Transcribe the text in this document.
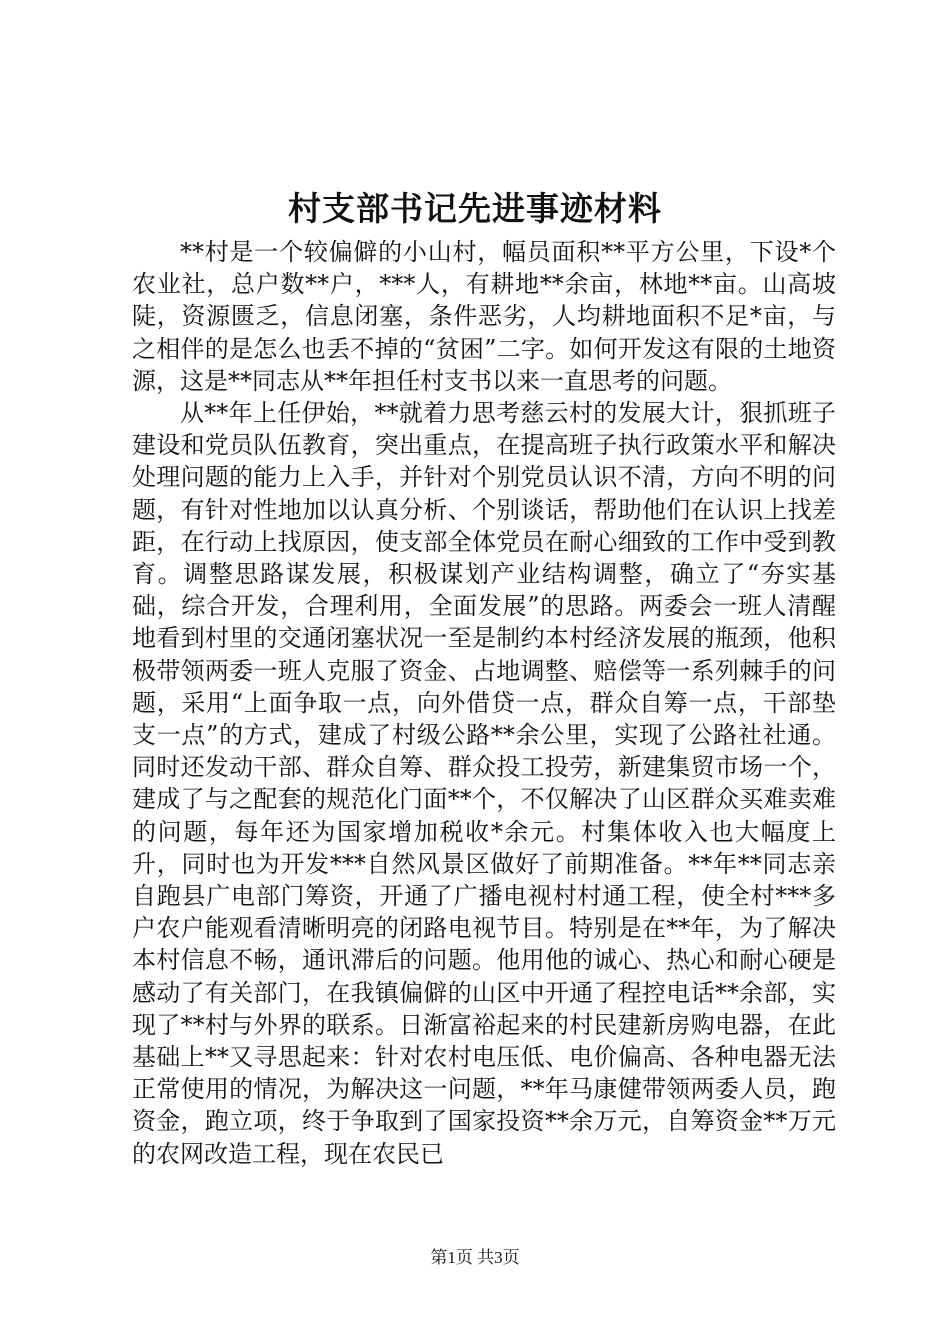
村支部书记先进事迹材料

**村是一个较偏僻的小山村，幅员面积**平方公里，下设*个农业社，总户数**户，***人，有耕地**余亩，林地**亩。山高坡陡，资源匮乏，信息闭塞，条件恶劣，人均耕地面积不足*亩，与之相伴的是怎么也丢不掉的“贫困”二字。如何开发这有限的土地资源，这是**同志从**年担任村支书以来一直思考的问题。

从**年上任伊始，**就着力思考慈云村的发展大计，狠抓班子建设和党员队伍教育，突出重点，在提高班子执行政策水平和解决处理问题的能力上入手，并针对个别党员认识不清，方向不明的问题，有针对性地加以认真分析、个别谈话，帮助他们在认识上找差距，在行动上找原因，使支部全体党员在耐心细致的工作中受到教育。调整思路谋发展，积极谋划产业结构调整，确立了“夯实基础，综合开发，合理利用，全面发展”的思路。两委会一班人清醒地看到村里的交通闭塞状况一至是制约本村经济发展的瓶颈，他积极带领两委一班人克服了资金、占地调整、赔偿等一系列棘手的问题，采用“上面争取一点，向外借贷一点，群众自筹一点，干部垫支一点”的方式，建成了村级公路**余公里，实现了公路社社通。同时还发动干部、群众自筹、群众投工投劳，新建集贸市场一个，建成了与之配套的规范化门面**个，不仅解决了山区群众买难卖难的问题，每年还为国家增加税收*余元。村集体收入也大幅度上升，同时也为开发***自然风景区做好了前期准备。**年**同志亲自跑县广电部门筹资，开通了广播电视村村通工程，使全村***多户农户能观看清晰明亮的闭路电视节目。特别是在**年，为了解决本村信息不畅，通讯滞后的问题。他用他的诚心、热心和耐心硬是感动了有关部门，在我镇偏僻的山区中开通了程控电话**余部，实现了**村与外界的联系。日渐富裕起来的村民建新房购电器，在此基础上**又寻思起来：针对农村电压低、电价偏高、各种电器无法正常使用的情况，为解决这一问题，**年马康健带领两委人员，跑资金，跑立项，终于争取到了国家投资**余万元，自筹资金**万元的农网改造工程，现在农民已

第1页 共3页
